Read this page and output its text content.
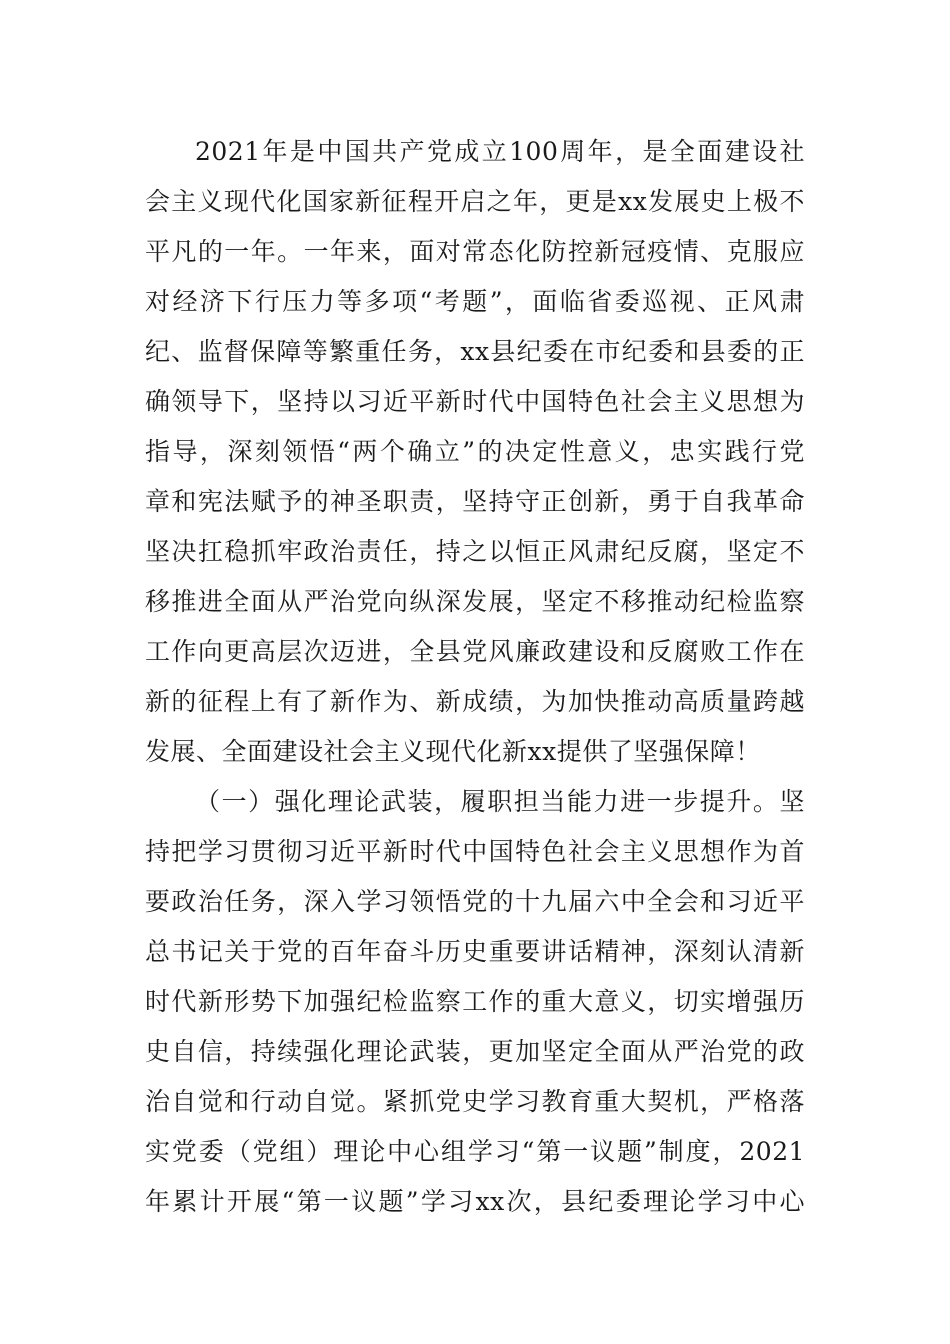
2021年是中国共产党成立100周年，是全面建设社
会主义现代化国家新征程开启之年，更是xx发展史上极不
平凡的一年。一年来，面对常态化防控新冠疫情、克服应
对经济下行压力等多项“考题”，面临省委巡视、正风肃
纪、监督保障等繁重任务，xx县纪委在市纪委和县委的正
确领导下，坚持以习近平新时代中国特色社会主义思想为
指导，深刻领悟“两个确立”的决定性意义，忠实践行党
章和宪法赋予的神圣职责，坚持守正创新，勇于自我革命
坚决扛稳抓牢政治责任，持之以恒正风肃纪反腐，坚定不
移推进全面从严治党向纵深发展，坚定不移推动纪检监察
工作向更高层次迈进，全县党风廉政建设和反腐败工作在
新的征程上有了新作为、新成绩，为加快推动高质量跨越
发展、全面建设社会主义现代化新xx提供了坚强保障！
（一）强化理论武装，履职担当能力进一步提升。坚
持把学习贯彻习近平新时代中国特色社会主义思想作为首
要政治任务，深入学习领悟党的十九届六中全会和习近平
总书记关于党的百年奋斗历史重要讲话精神，深刻认清新
时代新形势下加强纪检监察工作的重大意义，切实增强历
史自信，持续强化理论武装，更加坚定全面从严治党的政
治自觉和行动自觉。紧抓党史学习教育重大契机，严格落
实党委（党组）理论中心组学习“第一议题”制度，2021
年累计开展“第一议题”学习xx次，县纪委理论学习中心
